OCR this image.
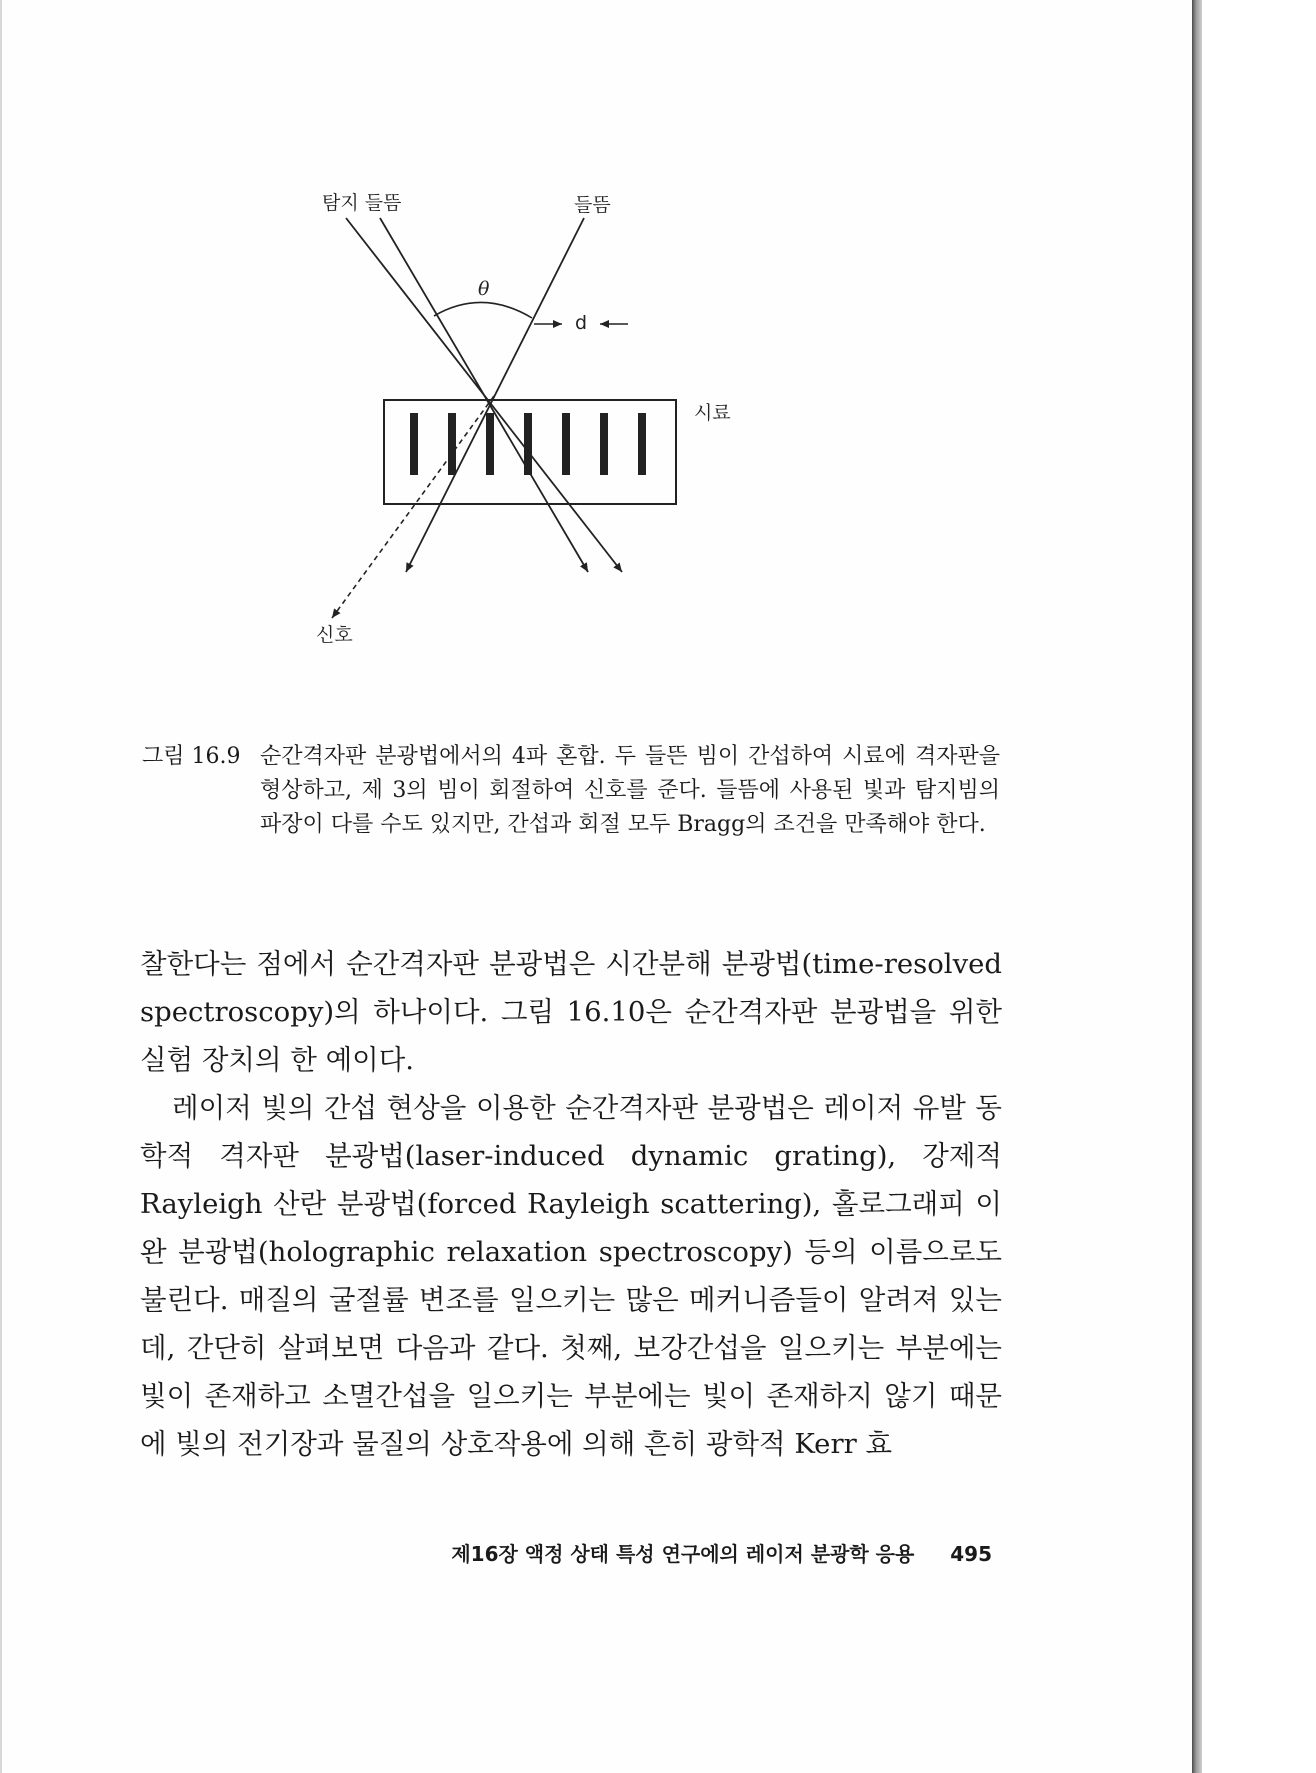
탐지 들뜸	들뜸
θ
d
시료
신호
그림 16.9 순간격자판 분광법에서의 4파 혼합. 두 들뜬 빔이 간섭하여 시료에 격자판을 형상하고, 제 3의 빔이 회절하여 신호를 준다. 들뜸에 사용된 빛과 탐지빔의 파장이 다를 수도 있지만, 간섭과 회절 모두 Bragg의 조건을 만족해야 한다.

찰한다는 점에서 순간격자판 분광법은 시간분해 분광법(time-resolved spectroscopy)의 하나이다. 그림 16.10은 순간격자판 분광법을 위한 실험 장치의 한 예이다.

레이저 빛의 간섭 현상을 이용한 순간격자판 분광법은 레이저 유발 동학적 격자판 분광법(laser-induced dynamic grating), 강제적 Rayleigh 산란 분광법(forced Rayleigh scattering), 홀로그래피 이완 분광법(holographic relaxation spectroscopy) 등의 이름으로도 불린다. 매질의 굴절률 변조를 일으키는 많은 메커니즘들이 알려져 있는데, 간단히 살펴보면 다음과 같다. 첫째, 보강간섭을 일으키는 부분에는 빛이 존재하고 소멸간섭을 일으키는 부분에는 빛이 존재하지 않기 때문에 빛의 전기장과 물질의 상호작용에 의해 흔히 광학적 Kerr 효

제16장 액정 상태 특성 연구에의 레이저 분광학 응용 495
